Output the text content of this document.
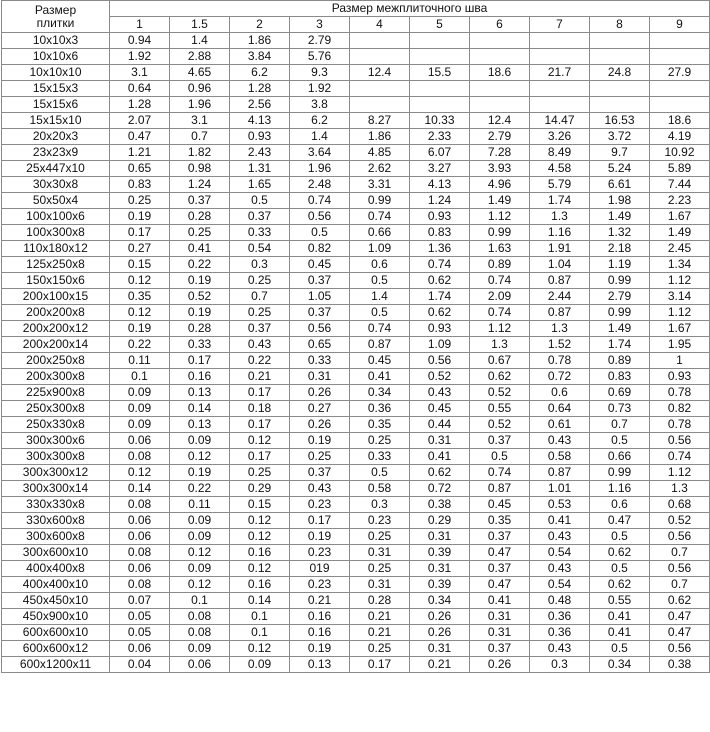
Размер
плитки	Размер межплиточного шва									
	1	1.5	2	3	4	5	6	7	8	9
10х10х3	0.94	1.4	1.86	2.79						
10х10х6	1.92	2.88	3.84	5.76						
10х10х10	3.1	4.65	6.2	9.3	12.4	15.5	18.6	21.7	24.8	27.9
15х15х3	0.64	0.96	1.28	1.92						
15х15х6	1.28	1.96	2.56	3.8						
15х15х10	2.07	3.1	4.13	6.2	8.27	10.33	12.4	14.47	16.53	18.6
20х20х3	0.47	0.7	0.93	1.4	1.86	2.33	2.79	3.26	3.72	4.19
23х23х9	1.21	1.82	2.43	3.64	4.85	6.07	7.28	8.49	9.7	10.92
25х447х10	0.65	0.98	1.31	1.96	2.62	3.27	3.93	4.58	5.24	5.89
30х30х8	0.83	1.24	1.65	2.48	3.31	4.13	4.96	5.79	6.61	7.44
50х50х4	0.25	0.37	0.5	0.74	0.99	1.24	1.49	1.74	1.98	2.23
100х100х6	0.19	0.28	0.37	0.56	0.74	0.93	1.12	1.3	1.49	1.67
100х300х8	0.17	0.25	0.33	0.5	0.66	0.83	0.99	1.16	1.32	1.49
110х180х12	0.27	0.41	0.54	0.82	1.09	1.36	1.63	1.91	2.18	2.45
125х250х8	0.15	0.22	0.3	0.45	0.6	0.74	0.89	1.04	1.19	1.34
150х150х6	0.12	0.19	0.25	0.37	0.5	0.62	0.74	0.87	0.99	1.12
200х100х15	0.35	0.52	0.7	1.05	1.4	1.74	2.09	2.44	2.79	3.14
200х200х8	0.12	0.19	0.25	0.37	0.5	0.62	0.74	0.87	0.99	1.12
200х200х12	0.19	0.28	0.37	0.56	0.74	0.93	1.12	1.3	1.49	1.67
200х200х14	0.22	0.33	0.43	0.65	0.87	1.09	1.3	1.52	1.74	1.95
200х250х8	0.11	0.17	0.22	0.33	0.45	0.56	0.67	0.78	0.89	1
200х300х8	0.1	0.16	0.21	0.31	0.41	0.52	0.62	0.72	0.83	0.93
225х900х8	0.09	0.13	0.17	0.26	0.34	0.43	0.52	0.6	0.69	0.78
250х300х8	0.09	0.14	0.18	0.27	0.36	0.45	0.55	0.64	0.73	0.82
250х330х8	0.09	0.13	0.17	0.26	0.35	0.44	0.52	0.61	0.7	0.78
300х300х6	0.06	0.09	0.12	0.19	0.25	0.31	0.37	0.43	0.5	0.56
300х300х8	0.08	0.12	0.17	0.25	0.33	0.41	0.5	0.58	0.66	0.74
300х300х12	0.12	0.19	0.25	0.37	0.5	0.62	0.74	0.87	0.99	1.12
300х300х14	0.14	0.22	0.29	0.43	0.58	0.72	0.87	1.01	1.16	1.3
330х330х8	0.08	0.11	0.15	0.23	0.3	0.38	0.45	0.53	0.6	0.68
330х600х8	0.06	0.09	0.12	0.17	0.23	0.29	0.35	0.41	0.47	0.52
300х600х8	0.06	0.09	0.12	0.19	0.25	0.31	0.37	0.43	0.5	0.56
300х600х10	0.08	0.12	0.16	0.23	0.31	0.39	0.47	0.54	0.62	0.7
400х400х8	0.06	0.09	0.12	019	0.25	0.31	0.37	0.43	0.5	0.56
400х400х10	0.08	0.12	0.16	0.23	0.31	0.39	0.47	0.54	0.62	0.7
450х450х10	0.07	0.1	0.14	0.21	0.28	0.34	0.41	0.48	0.55	0.62
450х900х10	0.05	0.08	0.1	0.16	0.21	0.26	0.31	0.36	0.41	0.47
600х600х10	0.05	0.08	0.1	0.16	0.21	0.26	0.31	0.36	0.41	0.47
600х600х12	0.06	0.09	0.12	0.19	0.25	0.31	0.37	0.43	0.5	0.56
600х1200х11	0.04	0.06	0.09	0.13	0.17	0.21	0.26	0.3	0.34	0.38
